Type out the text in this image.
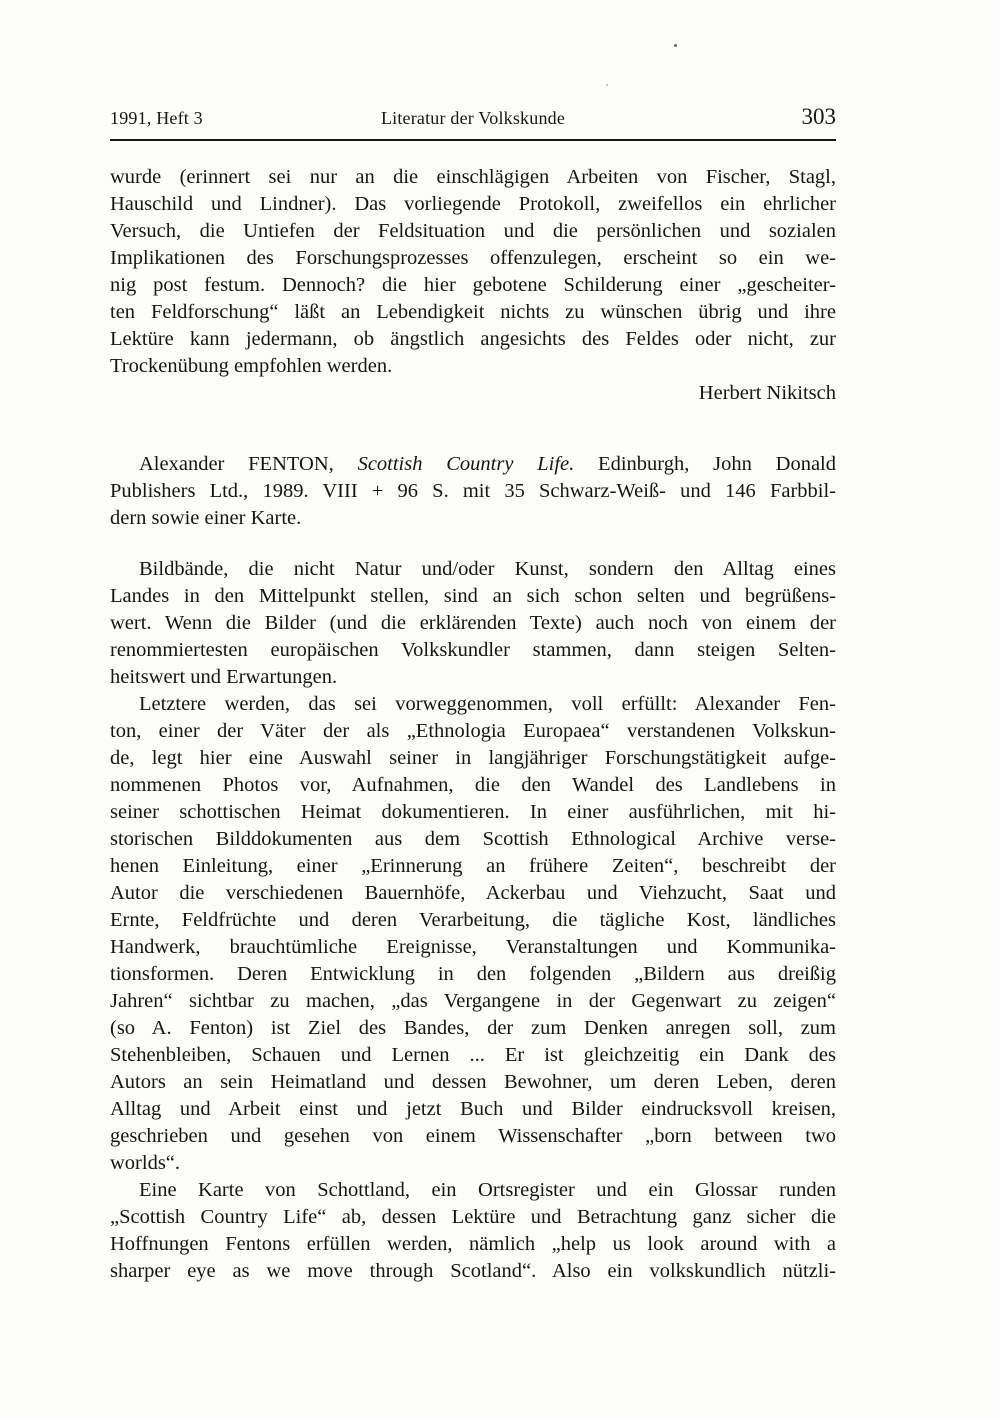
1991, Heft 3	Literatur der Volkskunde	303
wurde (erinnert sei nur an die einschlägigen Arbeiten von Fischer, Stagl,
Hauschild und Lindner). Das vorliegende Protokoll, zweifellos ein ehrlicher
Versuch, die Untiefen der Feldsituation und die persönlichen und sozialen
Implikationen des Forschungsprozesses offenzulegen, erscheint so ein we-
nig post festum. Dennoch? die hier gebotene Schilderung einer „gescheiter-
ten Feldforschung“ läßt an Lebendigkeit nichts zu wünschen übrig und ihre
Lektüre kann jedermann, ob ängstlich angesichts des Feldes oder nicht, zur
Trockenübung empfohlen werden.
Herbert Nikitsch
Alexander FENTON, Scottish Country Life. Edinburgh, John Donald
Publishers Ltd., 1989. VIII + 96 S. mit 35 Schwarz-Weiß- und 146 Farbbil-
dern sowie einer Karte.
Bildbände, die nicht Natur und/oder Kunst, sondern den Alltag eines
Landes in den Mittelpunkt stellen, sind an sich schon selten und begrüßens-
wert. Wenn die Bilder (und die erklärenden Texte) auch noch von einem der
renommiertesten europäischen Volkskundler stammen, dann steigen Selten-
heitswert und Erwartungen.
Letztere werden, das sei vorweggenommen, voll erfüllt: Alexander Fen-
ton, einer der Väter der als „Ethnologia Europaea“ verstandenen Volkskun-
de, legt hier eine Auswahl seiner in langjähriger Forschungstätigkeit aufge-
nommenen Photos vor, Aufnahmen, die den Wandel des Landlebens in
seiner schottischen Heimat dokumentieren. In einer ausführlichen, mit hi-
storischen Bilddokumenten aus dem Scottish Ethnological Archive verse-
henen Einleitung, einer „Erinnerung an frühere Zeiten“, beschreibt der
Autor die verschiedenen Bauernhöfe, Ackerbau und Viehzucht, Saat und
Ernte, Feldfrüchte und deren Verarbeitung, die tägliche Kost, ländliches
Handwerk, brauchtümliche Ereignisse, Veranstaltungen und Kommunika-
tionsformen. Deren Entwicklung in den folgenden „Bildern aus dreißig
Jahren“ sichtbar zu machen, „das Vergangene in der Gegenwart zu zeigen“
(so A. Fenton) ist Ziel des Bandes, der zum Denken anregen soll, zum
Stehenbleiben, Schauen und Lernen ... Er ist gleichzeitig ein Dank des
Autors an sein Heimatland und dessen Bewohner, um deren Leben, deren
Alltag und Arbeit einst und jetzt Buch und Bilder eindrucksvoll kreisen,
geschrieben und gesehen von einem Wissenschafter „born between two
worlds“.
Eine Karte von Schottland, ein Ortsregister und ein Glossar runden
„Scottish Country Life“ ab, dessen Lektüre und Betrachtung ganz sicher die
Hoffnungen Fentons erfüllen werden, nämlich „help us look around with a
sharper eye as we move through Scotland“. Also ein volkskundlich nützli-
